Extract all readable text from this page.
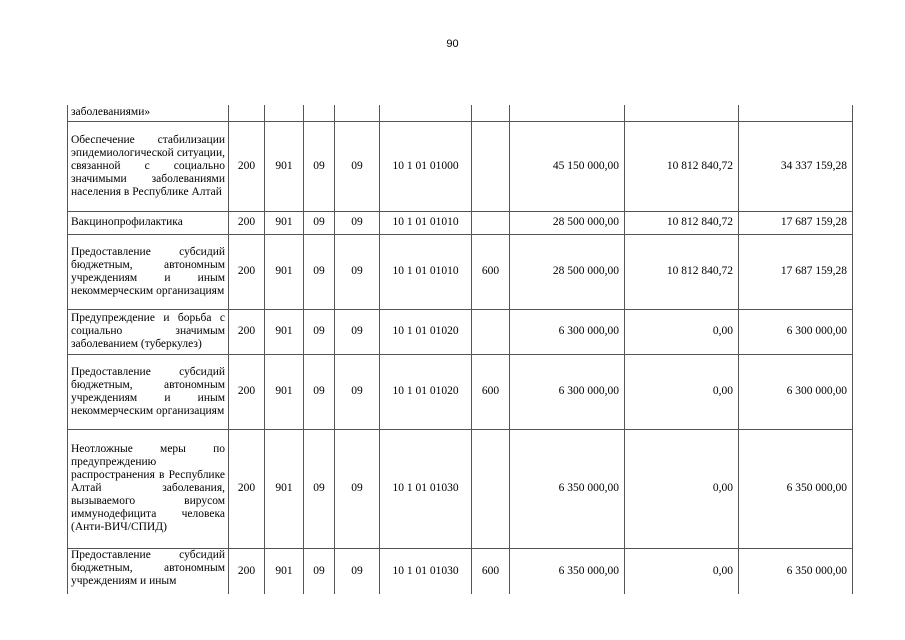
90
заболеваниями»									
Обеспечение стабилизации эпидемиологической ситуации, связанной с социально значимыми заболеваниями населения в Республике Алтай	200	901	09	09	10 1 01 01000		45 150 000,00	10 812 840,72	34 337 159,28
Вакцинопрофилактика	200	901	09	09	10 1 01 01010		28 500 000,00	10 812 840,72	17 687 159,28
Предоставление субсидий бюджетным, автономным учреждениям и иным некоммерческим организациям	200	901	09	09	10 1 01 01010	600	28 500 000,00	10 812 840,72	17 687 159,28
Предупреждение и борьба с социально значимым заболеванием (туберкулез)	200	901	09	09	10 1 01 01020		6 300 000,00	0,00	6 300 000,00
Предоставление субсидий бюджетным, автономным учреждениям и иным некоммерческим организациям	200	901	09	09	10 1 01 01020	600	6 300 000,00	0,00	6 300 000,00
Неотложные меры по предупреждению распространения в Республике Алтай заболевания, вызываемого вирусом иммунодефицита человека (Анти-ВИЧ/СПИД)	200	901	09	09	10 1 01 01030		6 350 000,00	0,00	6 350 000,00
Предоставление субсидий бюджетным, автономным учреждениям и иным	200	901	09	09	10 1 01 01030	600	6 350 000,00	0,00	6 350 000,00
